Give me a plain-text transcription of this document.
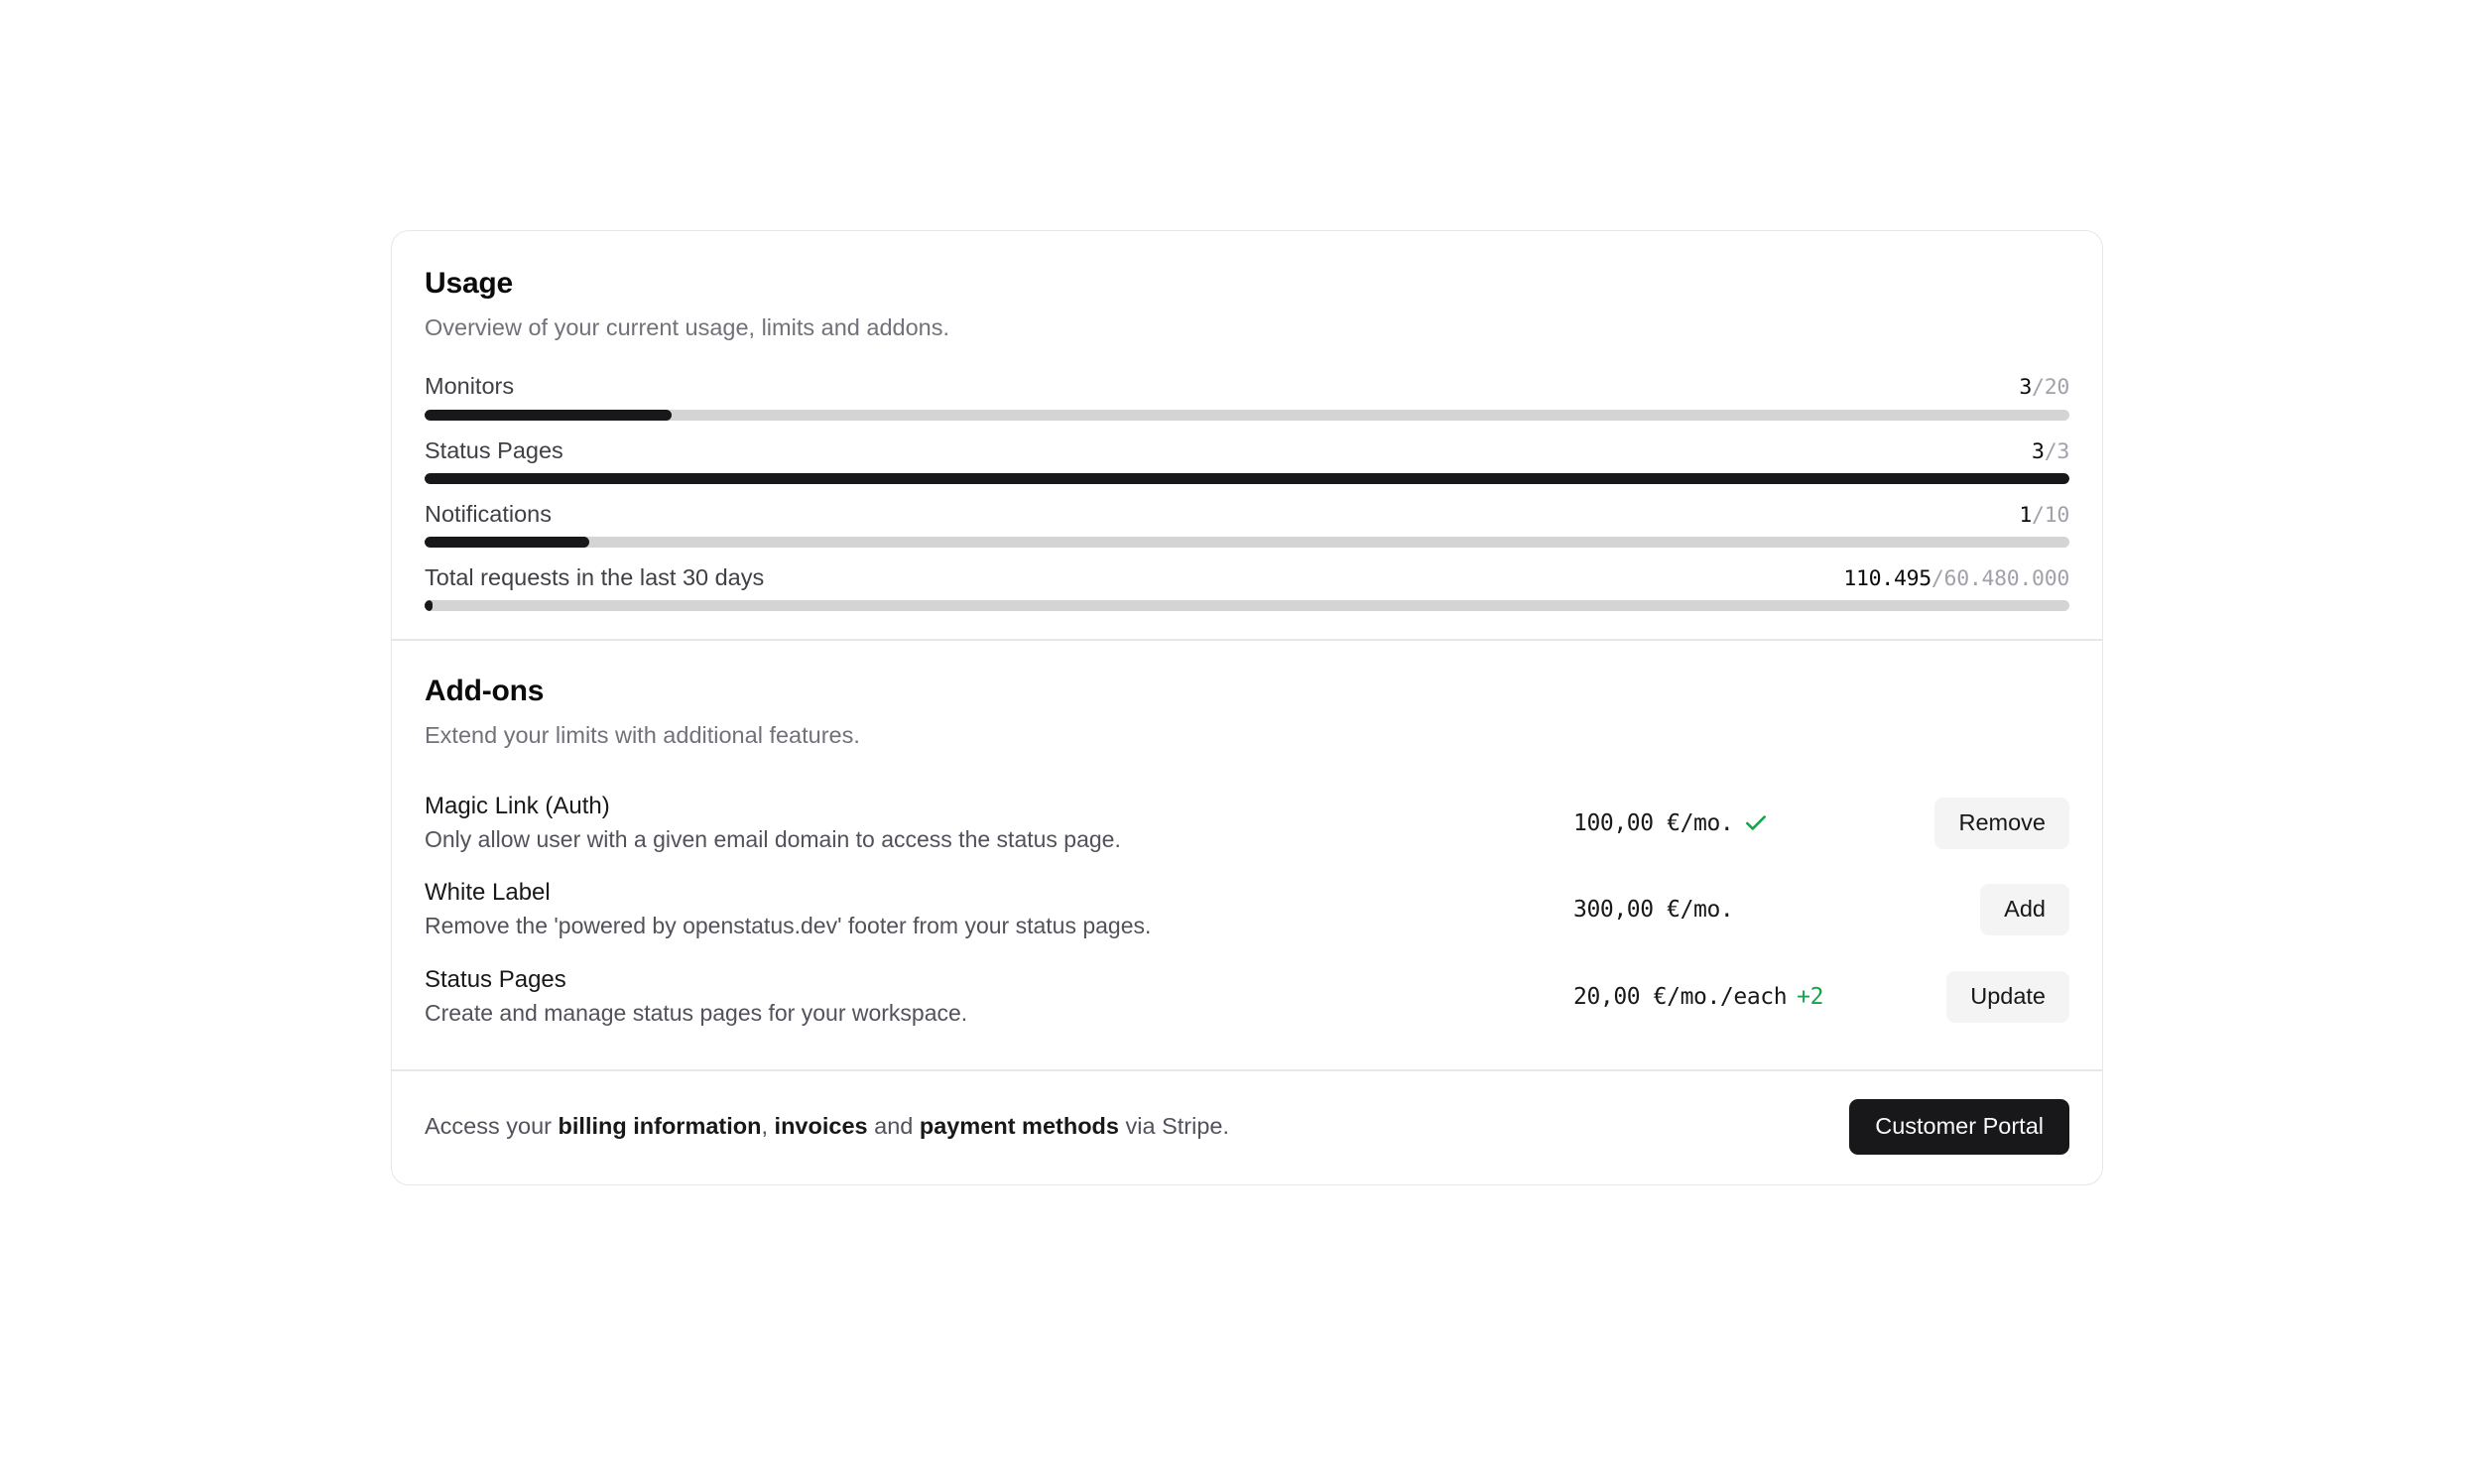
Usage
Overview of your current usage, limits and addons.
Monitors	3/20
Status Pages	3/3
Notifications	1/10
Total requests in the last 30 days	110.495/60.480.000
Add-ons
Extend your limits with additional features.
Magic Link (Auth)
Only allow user with a given email domain to access the status page.
100,00 €/mo.	Remove
White Label
Remove the 'powered by openstatus.dev' footer from your status pages.
300,00 €/mo.	Add
Status Pages
Create and manage status pages for your workspace.
20,00 €/mo./each +2	Update
Access your billing information, invoices and payment methods via Stripe.	Customer Portal
